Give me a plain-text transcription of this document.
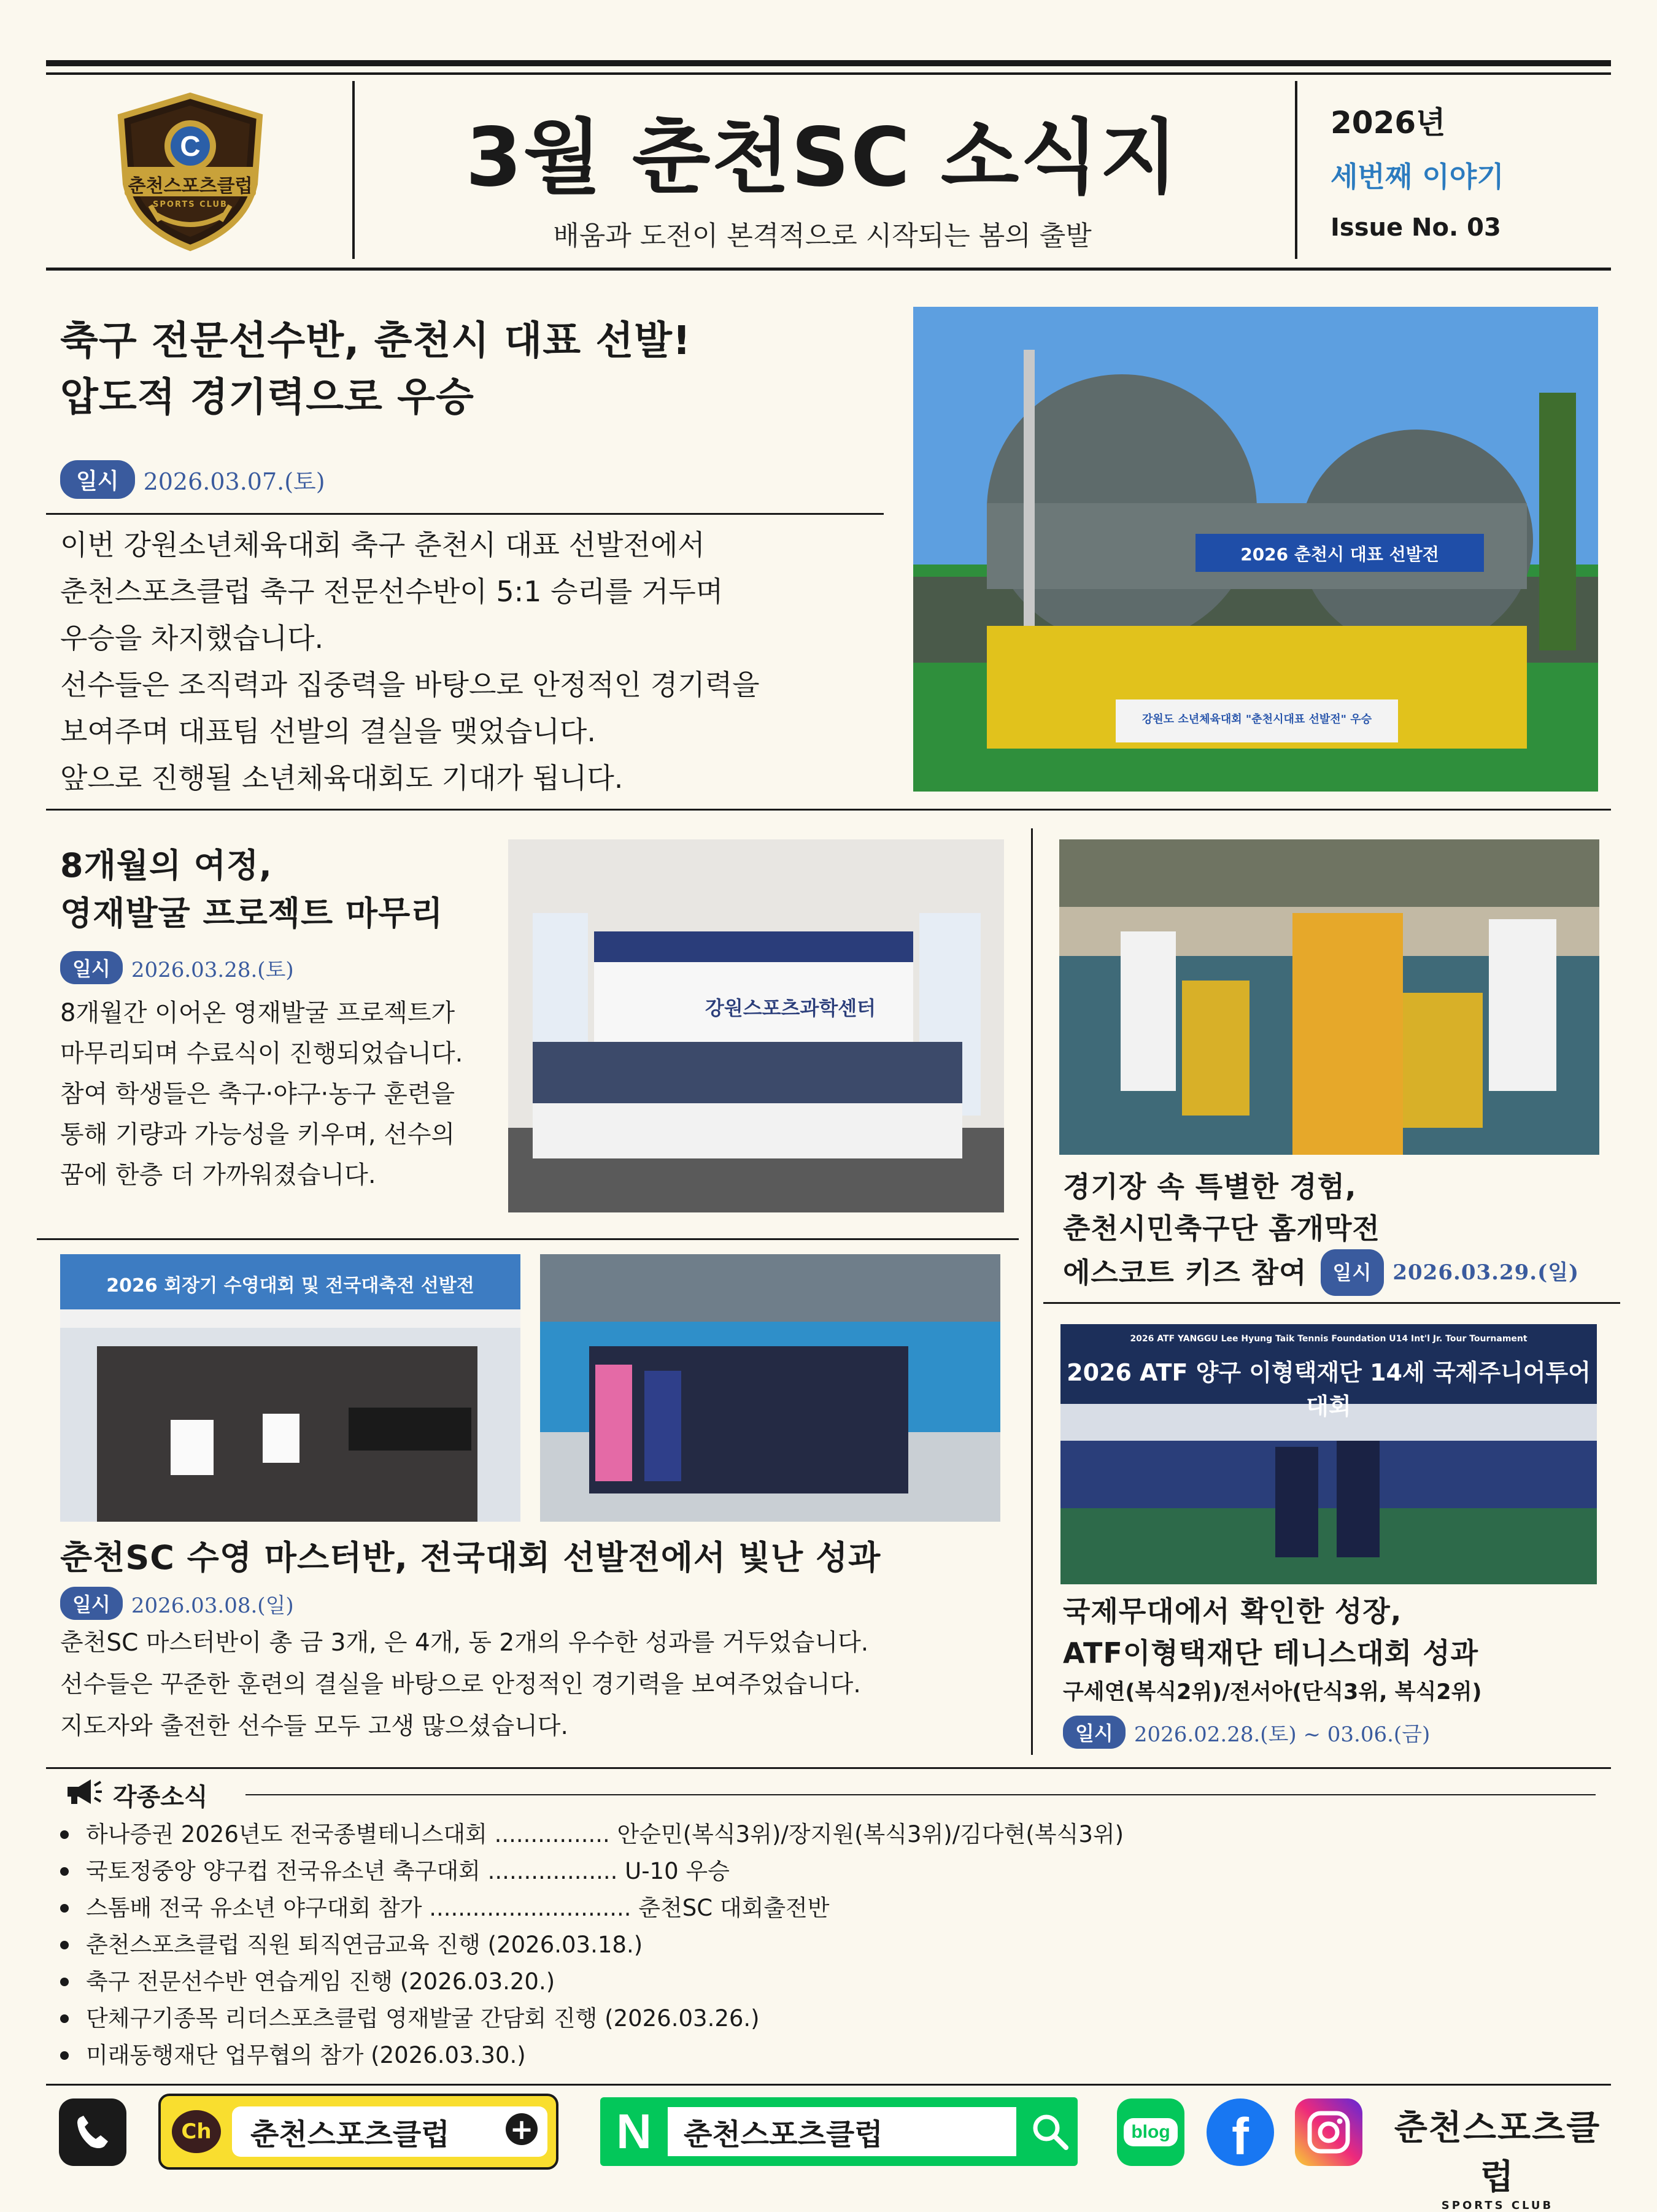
C
춘천스포츠클럽
SPORTS CLUB	3월 춘천SC 소식지
배움과 도전이 본격적으로 시작되는 봄의 출발
2026년
세번째 이야기
Issue No. 03
축구 전문선수반, 춘천시 대표 선발!
압도적 경기력으로 우승
일시	2026.03.07.(토)
이번 강원소년체육대회 축구 춘천시 대표 선발전에서
춘천스포츠클럽 축구 전문선수반이 5:1 승리를 거두며
우승을 차지했습니다.
선수들은 조직력과 집중력을 바탕으로 안정적인 경기력을
보여주며 대표팀 선발의 결실을 맺었습니다.
앞으로 진행될 소년체육대회도 기대가 됩니다.
2026 춘천시 대표 선발전
강원도 소년체육대회 "춘천시대표 선발전" 우승
8개월의 여정,
영재발굴 프로젝트 마무리
일시	2026.03.28.(토)
8개월간 이어온 영재발굴 프로젝트가
마무리되며 수료식이 진행되었습니다.
참여 학생들은 축구·야구·농구 훈련을
통해 기량과 가능성을 키우며, 선수의
꿈에 한층 더 가까워졌습니다.
강원스포츠과학센터
경기장 속 특별한 경험,
춘천시민축구단 홈개막전
에스코트 키즈 참여	일시	2026.03.29.(일)
2026 회장기 수영대회 및 전국대축전 선발전
춘천SC 수영 마스터반, 전국대회 선발전에서 빛난 성과
일시	2026.03.08.(일)
춘천SC 마스터반이 총 금 3개, 은 4개, 동 2개의 우수한 성과를 거두었습니다.
선수들은 꾸준한 훈련의 결실을 바탕으로 안정적인 경기력을 보여주었습니다.
지도자와 출전한 선수들 모두 고생 많으셨습니다.
2026 ATF YANGGU Lee Hyung Taik Tennis Foundation U14 Int'l Jr. Tour Tournament
2026 ATF 양구 이형택재단 14세 국제주니어투어대회
국제무대에서 확인한 성장,
ATF이형택재단 테니스대회 성과
구세연(복식2위)/전서아(단식3위, 복식2위)
일시	2026.02.28.(토) ~ 03.06.(금)
각종소식
하나증권 2026년도 전국종별테니스대회 ................ 안순민(복식3위)/장지원(복식3위)/김다현(복식3위)
국토정중앙 양구컵 전국유소년 축구대회 .................. U-10 우승
스톰배 전국 유소년 야구대회 참가 ............................ 춘천SC 대회출전반
춘천스포츠클럽 직원 퇴직연금교육 진행 (2026.03.18.)
축구 전문선수반 연습게임 진행 (2026.03.20.)
단체구기종목 리더스포츠클럽 영재발굴 간담회 진행 (2026.03.26.)
미래동행재단 업무협의 참가 (2026.03.30.)
Ch	춘천스포츠클럽	+	N	춘천스포츠클럽	blog f	춘천스포츠클럽
SPORTS CLUB
